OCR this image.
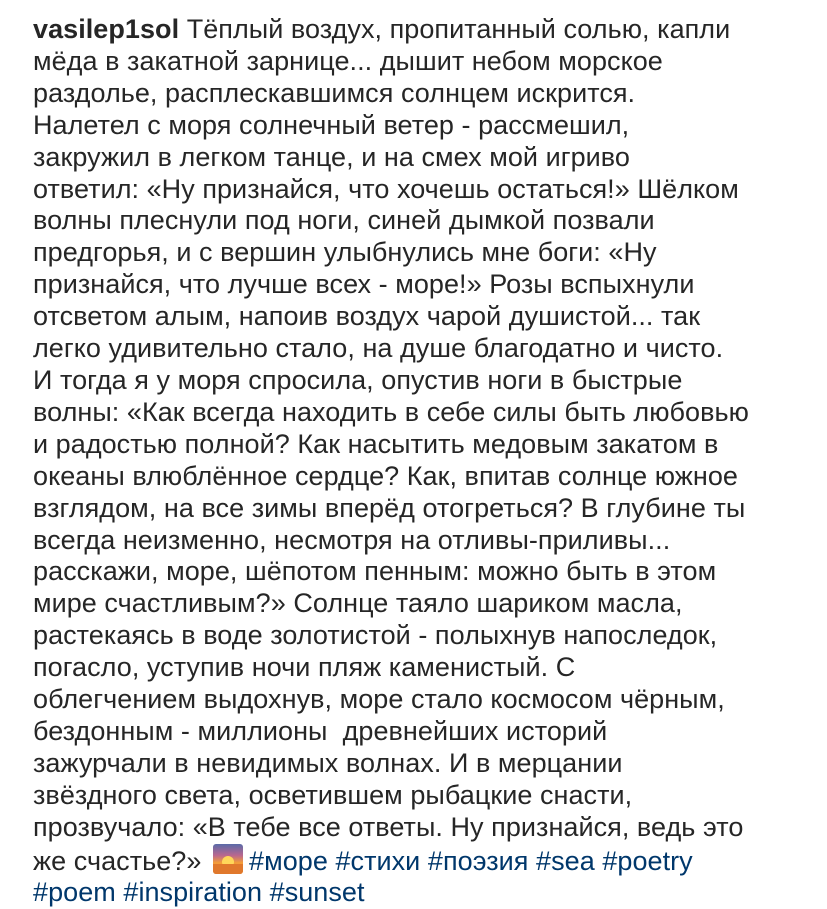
vasilep1sol Тёплый воздух, пропитанный солью, капли
мёда в закатной зарнице... дышит небом морское
раздолье, расплескавшимся солнцем искрится.
Налетел с моря солнечный ветер - рассмешил,
закружил в легком танце, и на смех мой игриво
ответил: «Ну признайся, что хочешь остаться!» Шёлком
волны плеснули под ноги, синей дымкой позвали
предгорья, и с вершин улыбнулись мне боги: «Ну
признайся, что лучше всех - море!» Розы вспыхнули
отсветом алым, напоив воздух чарой душистой... так
легко удивительно стало, на душе благодатно и чисто.
И тогда я у моря спросила, опустив ноги в быстрые
волны: «Как всегда находить в себе силы быть любовью
и радостью полной? Как насытить медовым закатом в
океаны влюблённое сердце? Как, впитав солнце южное
взглядом, на все зимы вперёд отогреться? В глубине ты
всегда неизменно, несмотря на отливы-приливы...
расскажи, море, шёпотом пенным: можно быть в этом
мире счастливым?» Солнце таяло шариком масла,
растекаясь в воде золотистой - полыхнув напоследок,
погасло, уступив ночи пляж каменистый. С
облегчением выдохнув, море стало космосом чёрным,
бездонным - миллионы  древнейших историй
зажурчали в невидимых волнах. И в мерцании
звёздного света, осветившем рыбацкие снасти,
прозвучало: «В тебе все ответы. Ну признайся, ведь это
же счастье?» #море #стихи #поэзия #sea #poetry
#poem #inspiration #sunset
